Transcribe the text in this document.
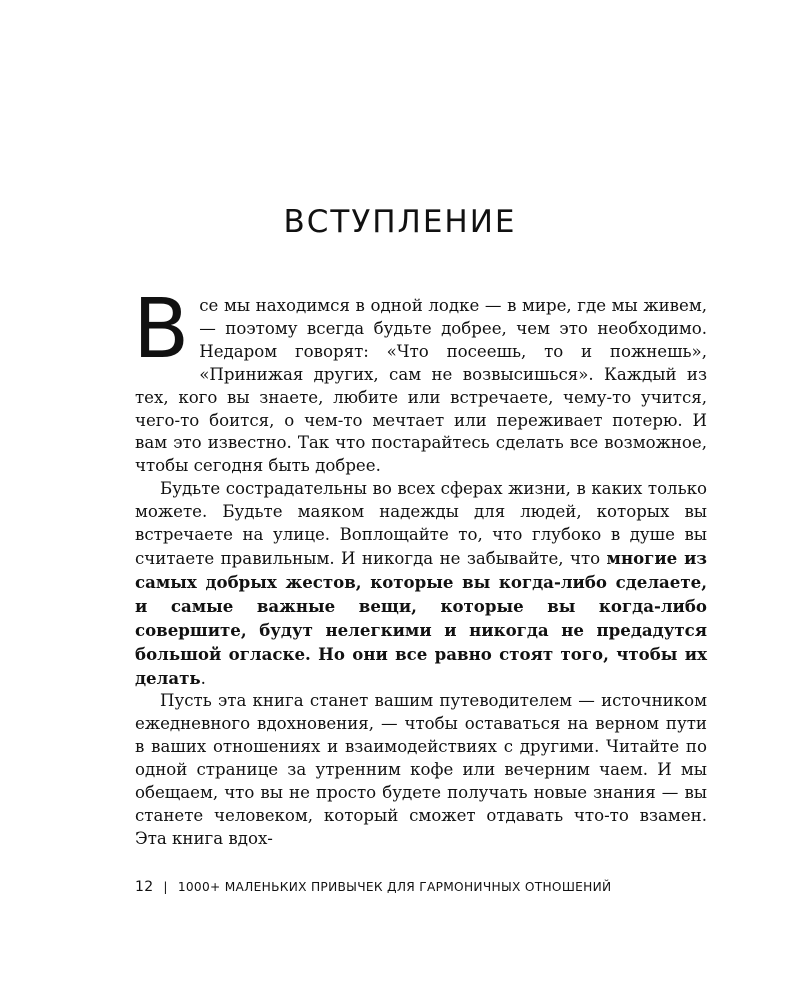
ВСТУПЛЕНИЕ

Все мы находимся в одной лодке — в мире, где мы живем, — поэтому всегда будьте добрее, чем это необходимо. Недаром говорят: «Что посеешь, то и пожнешь», «Принижая других, сам не возвысишься». Каждый из тех, кого вы знаете, любите или встречаете, чему-то учится, чего-то боится, о чем-то мечтает или переживает потерю. И вам это известно. Так что постарайтесь сделать все возможное, чтобы сегодня быть добрее.

Будьте сострадательны во всех сферах жизни, в каких только можете. Будьте маяком надежды для людей, которых вы встречаете на улице. Воплощайте то, что глубоко в душе вы считаете правильным. И никогда не забывайте, что многие из самых добрых жестов, которые вы когда-либо сделаете, и самые важные вещи, которые вы когда-либо совершите, будут нелегкими и никогда не предадутся большой огласке. Но они все равно стоят того, чтобы их делать.

Пусть эта книга станет вашим путеводителем — источником ежедневного вдохновения, — чтобы оставаться на верном пути в ваших отношениях и взаимодействиях с другими. Читайте по одной странице за утренним кофе или вечерним чаем. И мы обещаем, что вы не просто будете получать новые знания — вы станете человеком, который сможет отдавать что-то взамен. Эта книга вдох-

12 | 1000+ МАЛЕНЬКИХ ПРИВЫЧЕК ДЛЯ ГАРМОНИЧНЫХ ОТНОШЕНИЙ
